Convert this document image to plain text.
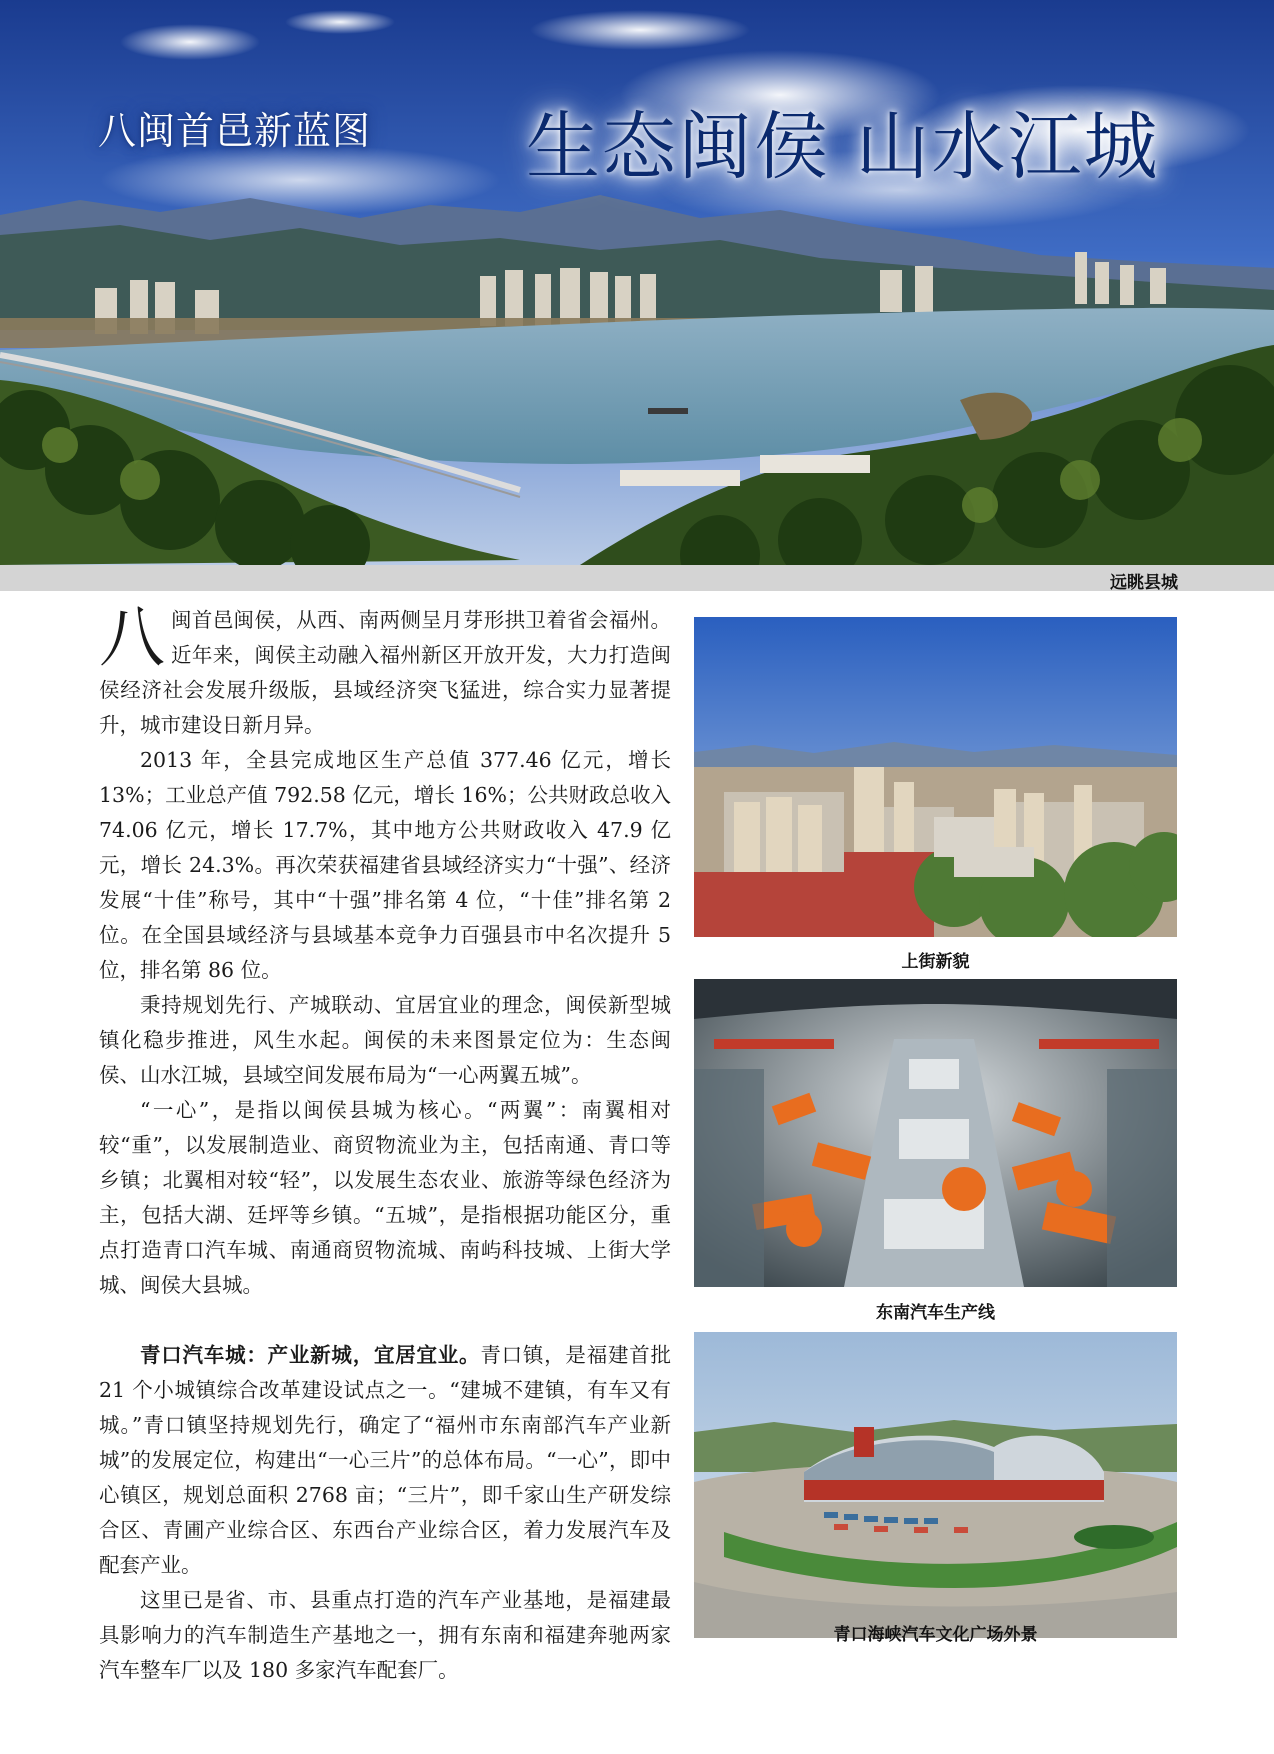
八闽首邑新蓝图 生态闽侯 山水江城
远眺县城

八闽首邑闽侯，从西、南两侧呈月芽形拱卫着省会福州。近年来，闽侯主动融入福州新区开放开发，大力打造闽侯经济社会发展升级版，县域经济突飞猛进，综合实力显著提升，城市建设日新月异。

2013 年，全县完成地区生产总值 377.46 亿元，增长 13%；工业总产值 792.58 亿元，增长 16%；公共财政总收入 74.06 亿元，增长 17.7%，其中地方公共财政收入 47.9 亿元，增长 24.3%。再次荣获福建省县域经济实力“十强”、经济发展“十佳”称号，其中“十强”排名第 4 位，“十佳”排名第 2 位。在全国县域经济与县域基本竞争力百强县市中名次提升 5 位，排名第 86 位。

秉持规划先行、产城联动、宜居宜业的理念，闽侯新型城镇化稳步推进，风生水起。闽侯的未来图景定位为：生态闽侯、山水江城，县域空间发展布局为“一心两翼五城”。

“一心”，是指以闽侯县城为核心。“两翼”：南翼相对较“重”，以发展制造业、商贸物流业为主，包括南通、青口等乡镇；北翼相对较“轻”，以发展生态农业、旅游等绿色经济为主，包括大湖、廷坪等乡镇。“五城”，是指根据功能区分，重点打造青口汽车城、南通商贸物流城、南屿科技城、上街大学城、闽侯大县城。

青口汽车城：产业新城，宜居宜业。青口镇，是福建首批 21 个小城镇综合改革建设试点之一。“建城不建镇，有车又有城。”青口镇坚持规划先行，确定了“福州市东南部汽车产业新城”的发展定位，构建出“一心三片”的总体布局。“一心”，即中心镇区，规划总面积 2768 亩；“三片”，即千家山生产研发综合区、青圃产业综合区、东西台产业综合区，着力发展汽车及配套产业。

这里已是省、市、县重点打造的汽车产业基地，是福建最具影响力的汽车制造生产基地之一，拥有东南和福建奔驰两家汽车整车厂以及 180 多家汽车配套厂。

上街新貌
东南汽车生产线
青口海峡汽车文化广场外景
